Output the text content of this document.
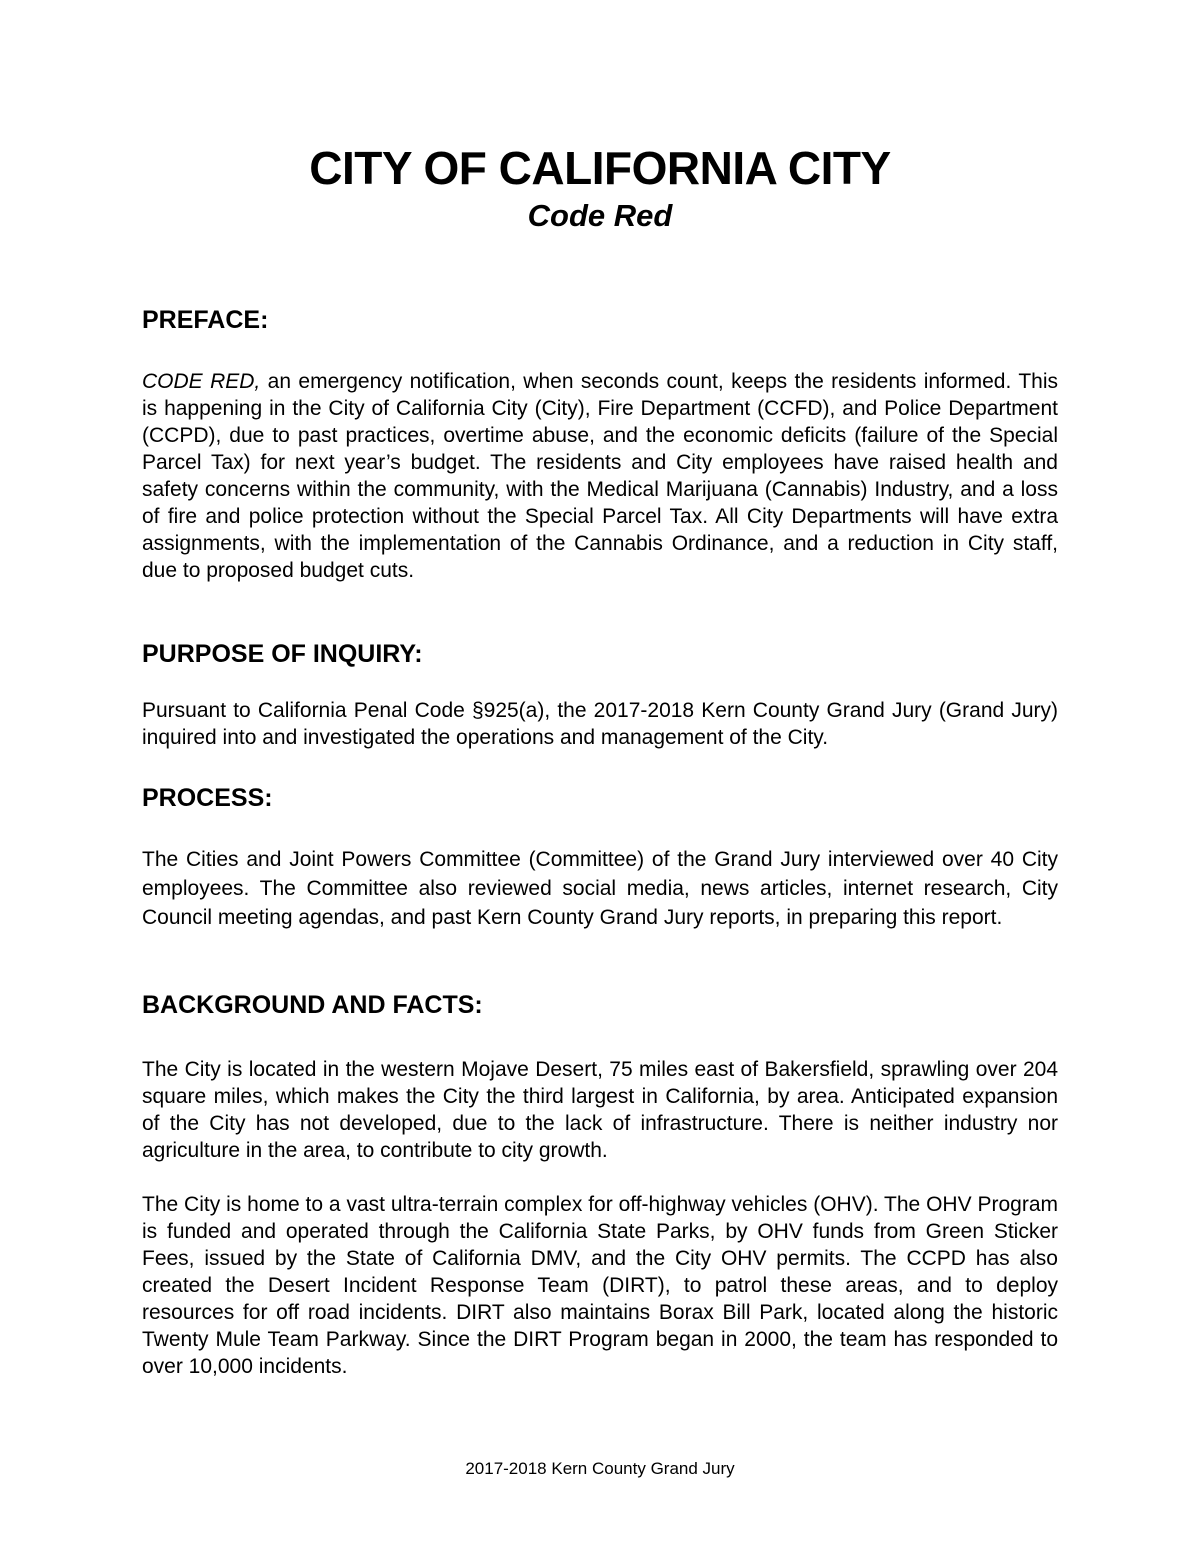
CITY OF CALIFORNIA CITY
Code Red
PREFACE:

CODE RED, an emergency notification, when seconds count, keeps the residents informed. This is happening in the City of California City (City), Fire Department (CCFD), and Police Department (CCPD), due to past practices, overtime abuse, and the economic deficits (failure of the Special Parcel Tax) for next year’s budget. The residents and City employees have raised health and safety concerns within the community, with the Medical Marijuana (Cannabis) Industry, and a loss of fire and police protection without the Special Parcel Tax. All City Departments will have extra assignments, with the implementation of the Cannabis Ordinance, and a reduction in City staff, due to proposed budget cuts.

PURPOSE OF INQUIRY:

Pursuant to California Penal Code §925(a), the 2017-2018 Kern County Grand Jury (Grand Jury) inquired into and investigated the operations and management of the City.

PROCESS:

The Cities and Joint Powers Committee (Committee) of the Grand Jury interviewed over 40 City employees. The Committee also reviewed social media, news articles, internet research, City Council meeting agendas, and past Kern County Grand Jury reports, in preparing this report.

BACKGROUND AND FACTS:

The City is located in the western Mojave Desert, 75 miles east of Bakersfield, sprawling over 204 square miles, which makes the City the third largest in California, by area. Anticipated expansion of the City has not developed, due to the lack of infrastructure. There is neither industry nor agriculture in the area, to contribute to city growth.

The City is home to a vast ultra-terrain complex for off-highway vehicles (OHV). The OHV Program is funded and operated through the California State Parks, by OHV funds from Green Sticker Fees, issued by the State of California DMV, and the City OHV permits. The CCPD has also created the Desert Incident Response Team (DIRT), to patrol these areas, and to deploy resources for off road incidents. DIRT also maintains Borax Bill Park, located along the historic Twenty Mule Team Parkway. Since the DIRT Program began in 2000, the team has responded to over 10,000 incidents.

2017-2018 Kern County Grand Jury
